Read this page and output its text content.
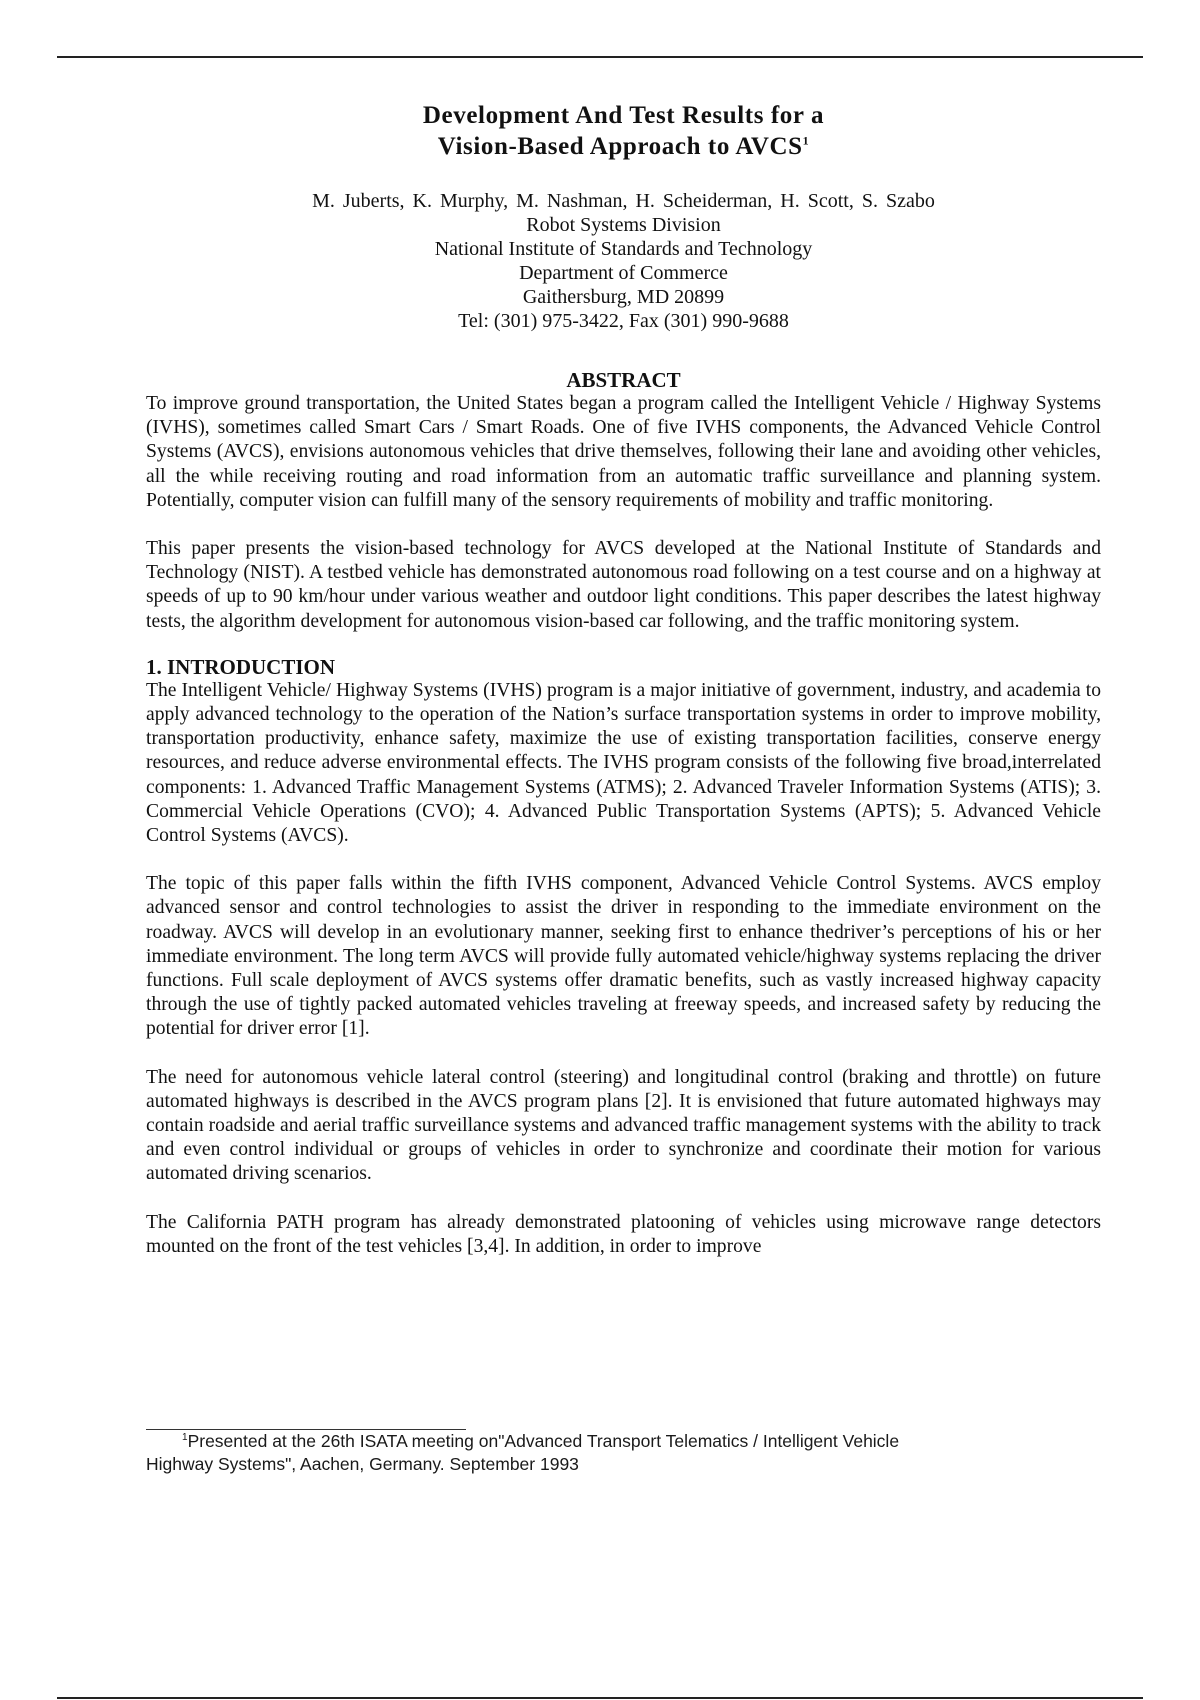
Development And Test Results for a
Vision-Based Approach to AVCS$^1$
M. Juberts, K. Murphy, M. Nashman, H. Scheiderman, H. Scott, S. Szabo
Robot Systems Division
National Institute of Standards and Technology
Department of Commerce
Gaithersburg, MD 20899
Tel: (301) 975-3422, Fax (301) 990-9688
ABSTRACT

To improve ground transportation, the United States began a program called the Intelligent Vehicle / Highway Systems (IVHS), sometimes called Smart Cars / Smart Roads. One of five IVHS components, the Advanced Vehicle Control Systems (AVCS), envisions autonomous vehicles that drive themselves, following their lane and avoiding other vehicles, all the while receiving routing and road information from an automatic traffic surveillance and planning system. Potentially, computer vision can fulfill many of the sensory requirements of mobility and traffic monitoring.

This paper presents the vision-based technology for AVCS developed at the National Institute of Standards and Technology (NIST). A testbed vehicle has demonstrated autonomous road following on a test course and on a highway at speeds of up to 90 km/hour under various weather and outdoor light conditions. This paper describes the latest highway tests, the algorithm development for autonomous vision-based car following, and the traffic monitoring system.

1. INTRODUCTION

The Intelligent Vehicle/ Highway Systems (IVHS) program is a major initiative of government, industry, and academia to apply advanced technology to the operation of the Nation’s surface transportation systems in order to improve mobility, transportation productivity, enhance safety, maximize the use of existing transportation facilities, conserve energy resources, and reduce adverse environmental effects. The IVHS program consists of the following five broad,interrelated components: 1. Advanced Traffic Management Systems (ATMS); 2. Advanced Traveler Information Systems (ATIS); 3. Commercial Vehicle Operations (CVO); 4. Advanced Public Transportation Systems (APTS); 5. Advanced Vehicle Control Systems (AVCS).

The topic of this paper falls within the fifth IVHS component, Advanced Vehicle Control Systems. AVCS employ advanced sensor and control technologies to assist the driver in responding to the immediate environment on the roadway. AVCS will develop in an evolutionary manner, seeking first to enhance thedriver’s perceptions of his or her immediate environment. The long term AVCS will provide fully automated vehicle/highway systems replacing the driver functions. Full scale deployment of AVCS systems offer dramatic benefits, such as vastly increased highway capacity through the use of tightly packed automated vehicles traveling at freeway speeds, and increased safety by reducing the potential for driver error [1].

The need for autonomous vehicle lateral control (steering) and longitudinal control (braking and throttle) on future automated highways is described in the AVCS program plans [2]. It is envisioned that future automated highways may contain roadside and aerial traffic surveillance systems and advanced traffic management systems with the ability to track and even control individual or groups of vehicles in order to synchronize and coordinate their motion for various automated driving scenarios.

The California PATH program has already demonstrated platooning of vehicles using microwave range detectors mounted on the front of the test vehicles [3,4]. In addition, in order to improve

$^1$Presented at the 26th ISATA meeting on"Advanced Transport Telematics / Intelligent Vehicle
Highway Systems", Aachen, Germany. September 1993
